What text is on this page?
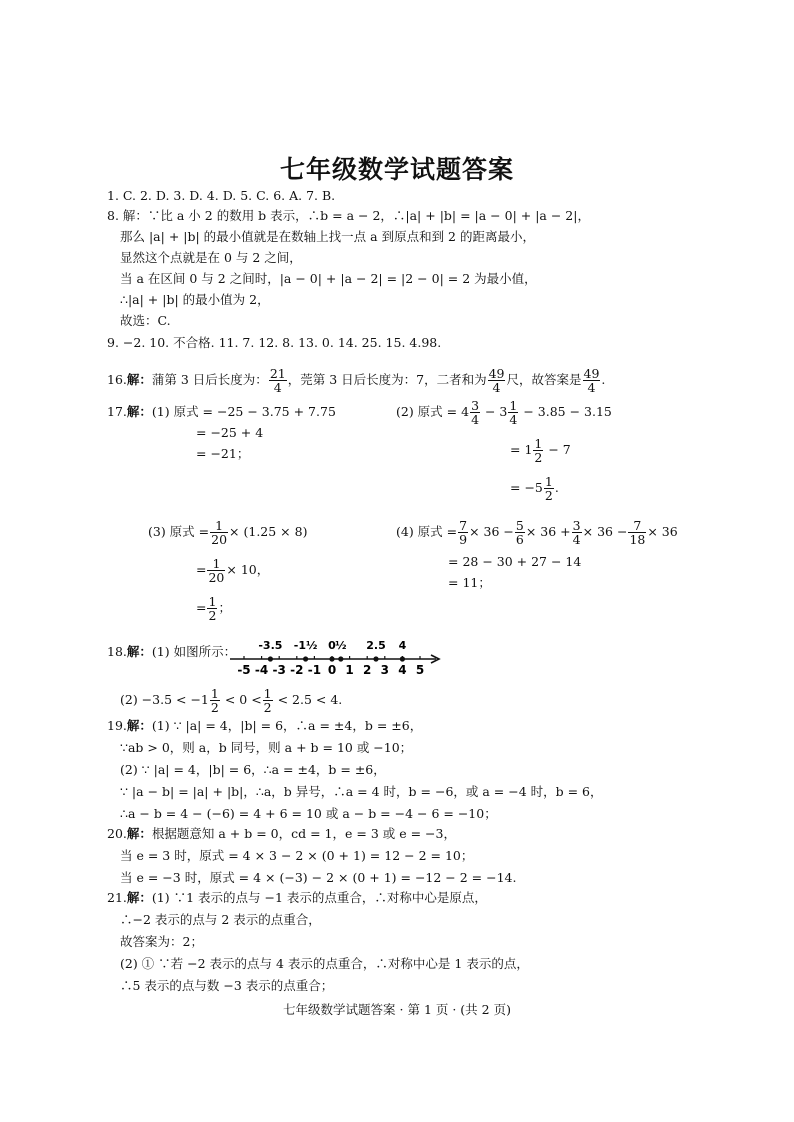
七年级数学试题答案
1. C. 2. D. 3. D. 4. D. 5. C. 6. A. 7. B.
8. 解：∵比 a 小 2 的数用 b 表示，∴b = a − 2，∴|a| + |b| = |a − 0| + |a − 2|，
那么 |a| + |b| 的最小值就是在数轴上找一点 a 到原点和到 2 的距离最小，
显然这个点就是在 0 与 2 之间，
当 a 在区间 0 与 2 之间时，|a − 0| + |a − 2| = |2 − 0| = 2 为最小值，
∴|a| + |b| 的最小值为 2，
故选：C.
9. −2. 10. 不合格. 11. 7. 12. 8. 13. 0. 14. 25. 15. 4.98.
16.解：蒲第 3 日后长度为： $\frac{21}{4}$ ，莞第 3 日后长度为：7，二者和为 $\frac{49}{4}$ 尺，故答案是 $\frac{49}{4}$ .
17.解：(1) 原式 = −25 − 3.75 + 7.75
= −25 + 4
= −21；
(2) 原式 = $4 \frac{3}{4} - 3 \frac{1}{4} - 3.85 - 3.15$
= $1 \frac{1}{2} - 7$
= $-5 \frac{1}{2}$ .
(3) 原式 = $\frac{1}{20} \times (1.25 \times 8)$
= $\frac{1}{20} \times 10$，
= $\frac{1}{2}$ ；
(4) 原式 = $\frac{7}{9} \times 36 - \frac{5}{6} \times 36 + \frac{3}{4} \times 36 - \frac{7}{18} \times 36$
= 28 − 30 + 27 − 14
= 11；
18.解：(1) 如图所示：
-5 -4 -3 -2 -1 0 1 2 3 4 5
-3.5 -1½ 0 ½ 2.5 4
$(2) -3.5 < -1 \frac{1}{2} < 0 < \frac{1}{2} < 2.5 < 4$.
19.解：(1) ∵ |a| = 4，|b| = 6，∴a = ±4，b = ±6，
∵ab > 0，则 a，b 同号，则 a + b = 10 或 −10；
(2) ∵ |a| = 4，|b| = 6，∴a = ±4，b = ±6，
∵ |a − b| = |a| + |b|，∴a，b 异号，∴a = 4 时，b = −6，或 a = −4 时，b = 6，
∴a − b = 4 − (−6) = 4 + 6 = 10 或 a − b = −4 − 6 = −10；
20.解：根据题意知 a + b = 0，cd = 1，e = 3 或 e = −3，
当 e = 3 时，原式 = 4 × 3 − 2 × (0 + 1) = 12 − 2 = 10；
当 e = −3 时，原式 = 4 × (−3) − 2 × (0 + 1) = −12 − 2 = −14.
21.解：(1) ∵1 表示的点与 −1 表示的点重合，∴对称中心是原点，
∴−2 表示的点与 2 表示的点重合，
故答案为：2；
(2) ① ∵若 −2 表示的点与 4 表示的点重合，∴对称中心是 1 表示的点，
∴5 表示的点与数 −3 表示的点重合；
七年级数学试题答案 · 第 1 页 · (共 2 页)
